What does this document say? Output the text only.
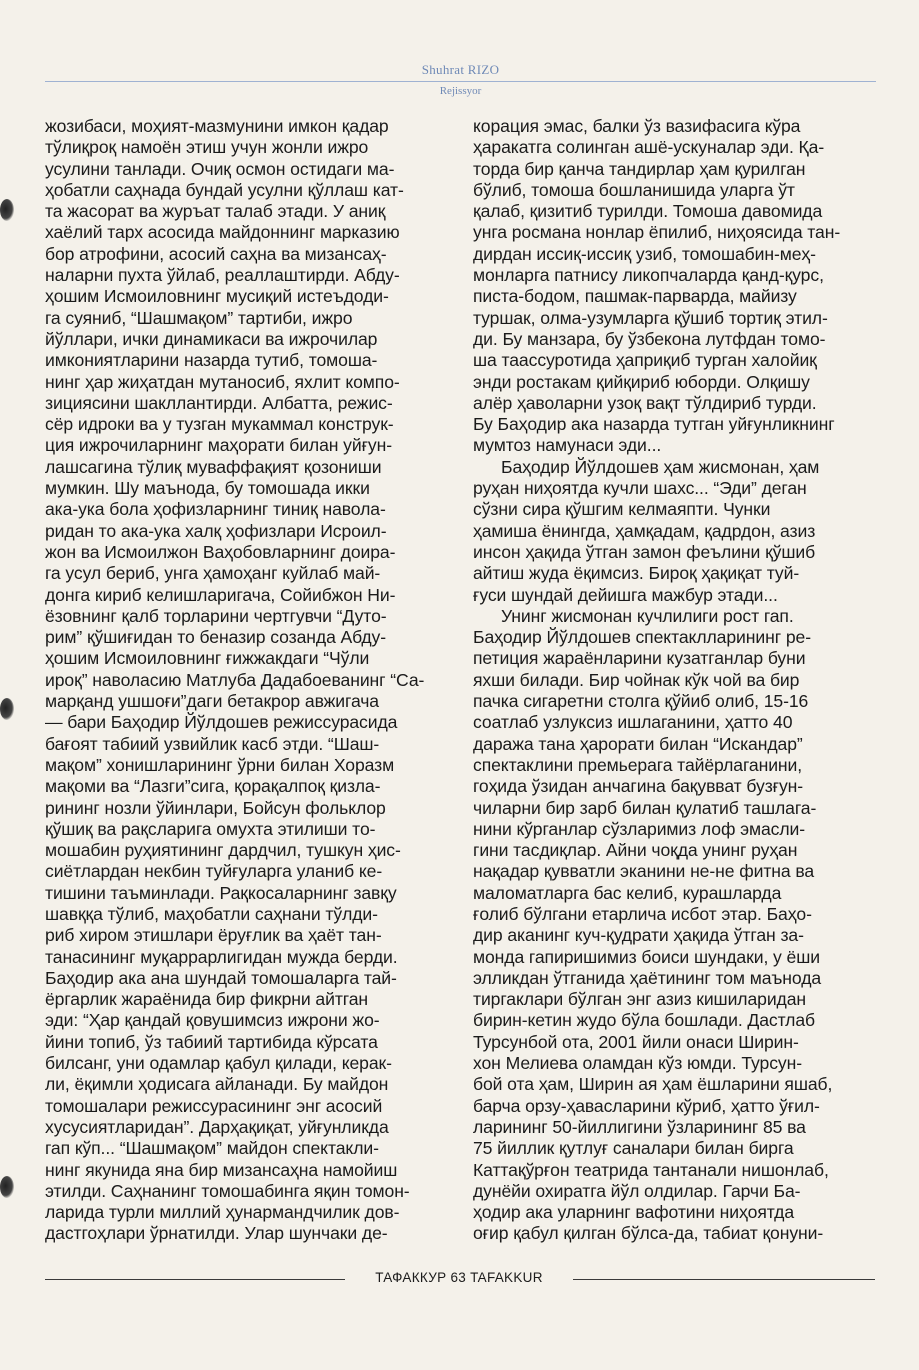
Shuhrat RIZO
Rejissyor
жозибаси, моҳият-мазмунини имкон қадар
тўлиқроқ намоён этиш учун жонли ижро
усулини танлади. Очиқ осмон остидаги ма-
ҳобатли саҳнада бундай усулни қўллаш кат-
та жасорат ва журъат талаб этади. У аниқ
хаёлий тарх асосида майдоннинг марказию
бор атрофини, асосий саҳна ва мизансаҳ-
наларни пухта ўйлаб, реаллаштирди. Абду-
ҳошим Исмоиловнинг мусиқий истеъдоди-
га суяниб, “Шашмақом” тартиби, ижро
йўллари, ички динамикаси ва ижрочилар
имкониятларини назарда тутиб, томоша-
нинг ҳар жиҳатдан мутаносиб, яхлит компо-
зициясини шакллантирди. Албатта, режис-
сёр идроки ва у тузган мукаммал конструк-
ция ижрочиларнинг маҳорати билан уйғун-
лашсагина тўлиқ муваффақият қозониши
мумкин. Шу маънода, бу томошада икки
ака-ука бола ҳофизларнинг тиниқ навола-
ридан то ака-ука халқ ҳофизлари Исроил-
жон ва Исмоилжон Ваҳобовларнинг доира-
га усул бериб, унга ҳамоҳанг куйлаб май-
донга кириб келишларигача, Сойибжон Ни-
ёзовнинг қалб торларини чертгувчи “Дуто-
рим” қўшиғидан то беназир созанда Абду-
ҳошим Исмоиловнинг ғижжакдаги “Чўли
ироқ” наволасию Матлуба Дадабоеванинг “Са-
марқанд ушшоғи”даги бетакрор авжигача
— бари Баҳодир Йўлдошев режиссурасида
бағоят табиий узвийлик касб этди. “Шаш-
мақом” хонишларининг ўрни билан Хоразм
мақоми ва “Лазги”сига, қорақалпоқ қизла-
рининг нозли ўйинлари, Бойсун фольклор
қўшиқ ва рақсларига омухта этилиши то-
мошабин руҳиятининг дардчил, тушкун ҳис-
сиётлардан некбин туйғуларга уланиб ке-
тишини таъминлади. Рақкосаларнинг завқу
шавққа тўлиб, маҳобатли саҳнани тўлди-
риб хиром этишлари ёруғлик ва ҳаёт тан-
танасининг муқаррарлигидан мужда берди.
Баҳодир ака ана шундай томошаларга тай-
ёргарлик жараёнида бир фикрни айтган
эди: “Ҳар қандай қовушимсиз ижрони жо-
йини топиб, ўз табиий тартибида кўрсата
билсанг, уни одамлар қабул қилади, керак-
ли, ёқимли ҳодисага айланади. Бу майдон
томошалари режиссурасининг энг асосий
хусусиятларидан”. Дарҳақиқат, уйғунликда
гап кўп... “Шашмақом” майдон спектакли-
нинг якунида яна бир мизансаҳна намойиш
этилди. Саҳнанинг томошабинга яқин томон-
ларида турли миллий ҳунармандчилик дов-
дастгоҳлари ўрнатилди. Улар шунчаки де-
корация эмас, балки ўз вазифасига кўра
ҳаракатга солинган ашё-ускуналар эди. Қа-
торда бир қанча тандирлар ҳам қурилган
бўлиб, томоша бошланишида уларга ўт
қалаб, қизитиб турилди. Томоша давомида
унга росмана нонлар ёпилиб, ниҳоясида тан-
дирдан иссиқ-иссиқ узиб, томошабин-меҳ-
монларга патнису ликопчаларда қанд-қурс,
писта-бодом, пашмак-парварда, майизу
туршак, олма-узумларга қўшиб тортиқ этил-
ди. Бу манзара, бу ўзбекона лутфдан томо-
ша таассуротида ҳаприқиб турган халойиқ
энди ростакам қийқириб юборди. Олқишу
алёр ҳаволарни узоқ вақт тўлдириб турди.
Бу Баҳодир ака назарда тутган уйғунликнинг
мумтоз намунаси эди...
Баҳодир Йўлдошев ҳам жисмонан, ҳам
руҳан ниҳоятда кучли шахс... “Эди” деган
сўзни сира қўшгим келмаяпти. Чунки
ҳамиша ёнингда, ҳамқадам, қадрдон, азиз
инсон ҳақида ўтган замон феълини қўшиб
айтиш жуда ёқимсиз. Бироқ ҳақиқат туй-
ғуси шундай дейишга мажбур этади...
Унинг жисмонан кучлилиги рост гап.
Баҳодир Йўлдошев спектаклларининг ре-
петиция жараёнларини кузатганлар буни
яхши билади. Бир чойнак кўк чой ва бир
пачка сигаретни столга қўйиб олиб, 15-16
соатлаб узлуксиз ишлаганини, ҳатто 40
даража тана ҳарорати билан “Искандар”
спектаклини премьерага тайёрлаганини,
гоҳида ўзидан анчагина бақувват бузғун-
чиларни бир зарб билан қулатиб ташлага-
нини кўрганлар сўзларимиз лоф эмасли-
гини тасдиқлар. Айни чоқда унинг руҳан
нақадар қувватли эканини не-не фитна ва
маломатларга бас келиб, курашларда
ғолиб бўлгани етарлича исбот этар. Баҳо-
дир аканинг куч-қудрати ҳақида ўтган за-
монда гапиришимиз боиси шундаки, у ёши
элликдан ўтганида ҳаётининг том маънода
тиргаклари бўлган энг азиз кишиларидан
бирин-кетин жудо бўла бошлади. Дастлаб
Турсунбой ота, 2001 йили онаси Ширин-
хон Мелиева оламдан кўз юмди. Турсун-
бой ота ҳам, Ширин ая ҳам ёшларини яшаб,
барча орзу-ҳавасларини кўриб, ҳатто ўғил-
ларининг 50-йиллигини ўзларининг 85 ва
75 йиллик қутлуғ саналари билан бирга
Каттақўрғон театрида тантанали нишонлаб,
дунёйи охиратга йўл олдилар. Гарчи Ба-
ҳодир ака уларнинг вафотини ниҳоятда
оғир қабул қилган бўлса-да, табиат қонуни-
ТАФАККУР 63 TAFAKKUR
